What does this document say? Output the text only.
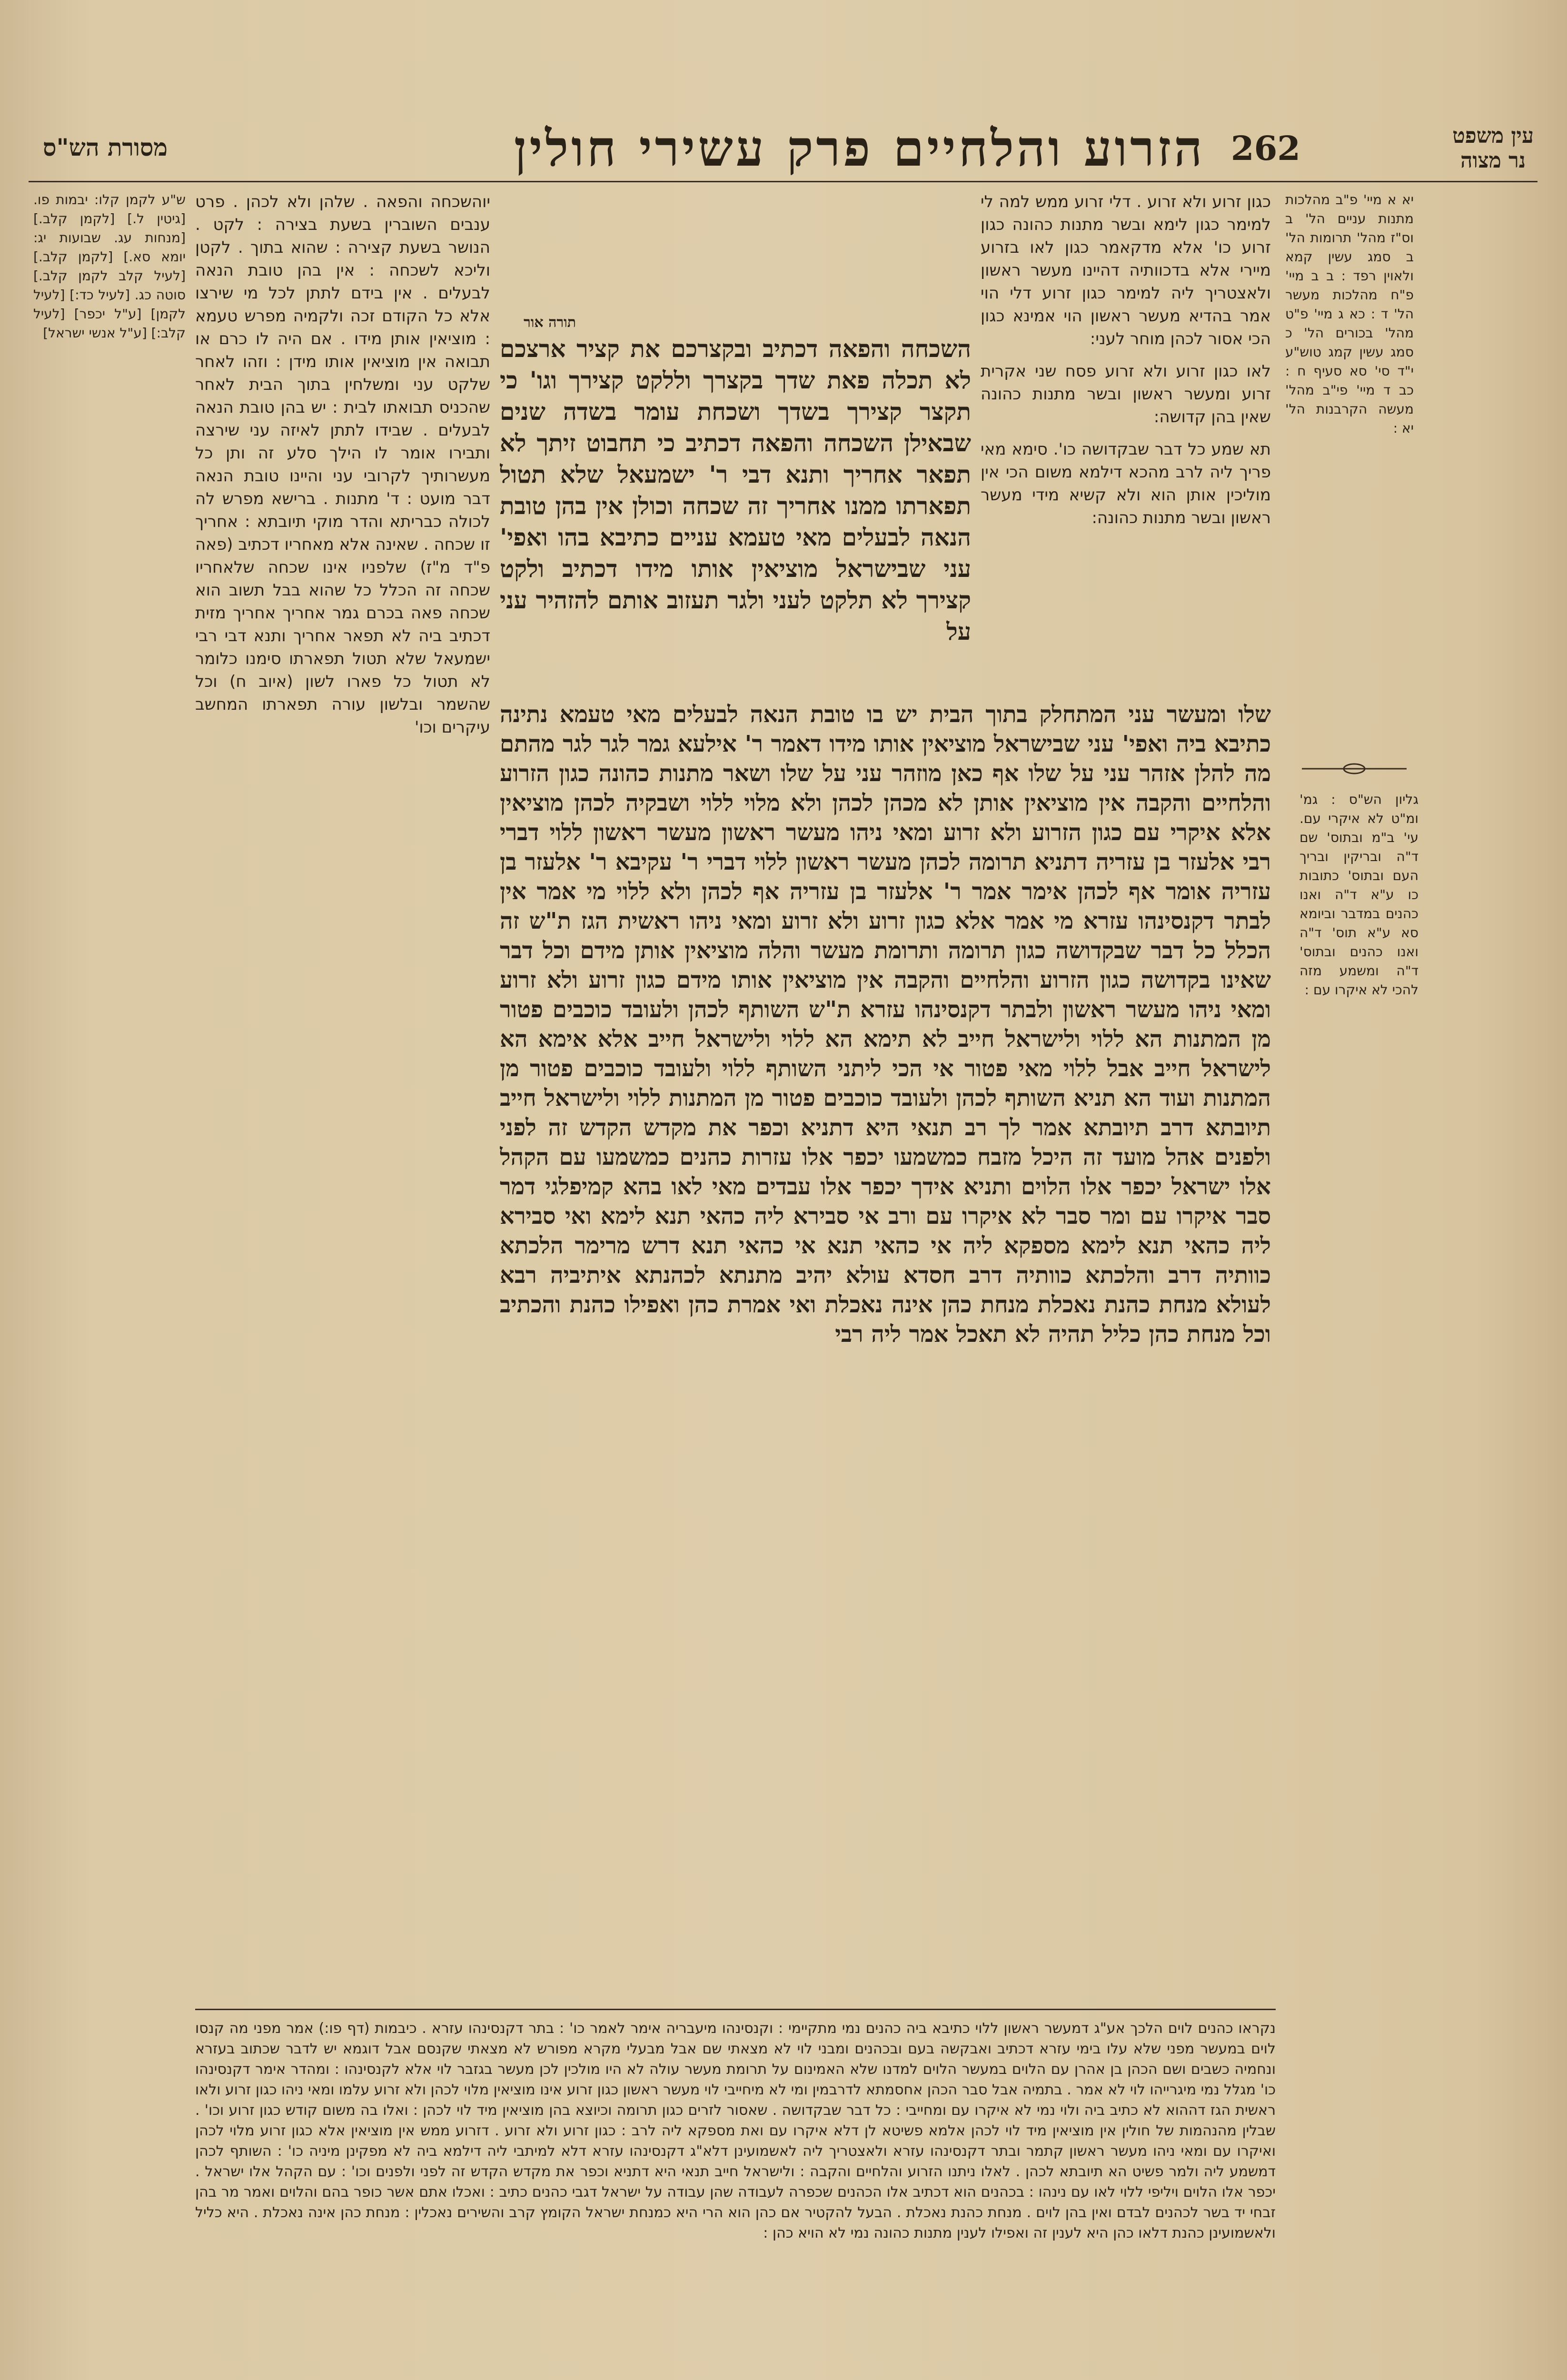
עין משפט
נר מצוה
262
הזרוע והלחיים פרק עשירי חולין
מסורת הש"ס
יא א מיי' פ"ב מהלכות מתנות עניים הל' ב וס"ז מהל' תרומות הל' ב סמג עשין קמא ולאוין רפד : ב ב מיי' פ"ח מהלכות מעשר הל' ד : כא ג מיי' פ"ט מהל' בכורים הל' כ סמג עשין קמג טוש"ע י"ד סי' סא סעיף ח : כב ד מיי' פי"ב מהל' מעשה הקרבנות הל' יא :
גליון הש"ס : גמ' ומ"ט לא איקרי עם. עי' ב"מ ובתוס' שם ד"ה ובריקין ובריך העם ובתוס' כתובות כו ע"א ד"ה ואנו כהנים במדבר וביומא סא ע"א תוס' ד"ה ואנו כהנים ובתוס' ד"ה ומשמע מזה להכי לא איקרו עם :

כגון זרוע ולא זרוע . דלי זרוע ממש למה לי למימר כגון לימא ובשר מתנות כהונה כגון זרוע כו' אלא מדקאמר כגון לאו בזרוע מיירי אלא בדכוותיה דהיינו מעשר ראשון ולאצטריך ליה למימר כגון זרוע דלי הוי אמר בהדיא מעשר ראשון הוי אמינא כגון הכי אסור לכהן מוחר לעני:

לאו כגון זרוע ולא זרוע פסח שני אקרית זרוע ומעשר ראשון ובשר מתנות כהונה שאין בהן קדושה:

תא שמע כל דבר שבקדושה כו'. סימא מאי פריך ליה לרב מהכא דילמא משום הכי אין מוליכין אותן הוא ולא קשיא מידי מעשר ראשון ובשר מתנות כהונה:

השכחה והפאה דכתיב ובקצרכם את קציר ארצכם לא תכלה פאת שדך בקצרך וללקט קצירך וגו' כי תקצר קצירך בשדך ושכחת עומר בשדה שנים שבאילן השכחה והפאה דכתיב כי תחבוט זיתך לא תפאר אחריך ותנא דבי ר' ישמעאל שלא תטול תפארתו ממנו אחריך זה שכחה וכולן אין בהן טובת הנאה לבעלים מאי טעמא עניים כתיבא בהו ואפי' עני שבישראל מוציאין אותו מידו דכתיב ולקט קצירך לא תלקט לעני ולגר תעזוב אותם להזהיר עני על
יוהשכחה והפאה . שלהן ולא לכהן . פרט ענבים השוברין בשעת בצירה : לקט . הנושר בשעת קצירה : שהוא בתוך . לקטן וליכא לשכחה : אין בהן טובת הנאה לבעלים . אין בידם לתתן לכל מי שירצו אלא כל הקודם זכה ולקמיה מפרש טעמא : מוציאין אותן מידו . אם היה לו כרם או תבואה אין מוציאין אותו מידן : וזהו לאחר שלקט עני ומשלחין בתוך הבית לאחר שהכניס תבואתו לבית : יש בהן טובת הנאה לבעלים . שבידו לתתן לאיזה עני שירצה ותבירו אומר לו הילך סלע זה ותן כל מעשרותיך לקרובי עני והיינו טובת הנאה דבר מועט : ד' מתנות . ברישא מפרש לה לכולה כבריתא והדר מוקי תיובתא : אחריך זו שכחה . שאינה אלא מאחריו דכתיב (פאה פ"ד מ"ז) שלפניו אינו שכחה שלאחריו שכחה זה הכלל כל שהוא בבל תשוב הוא שכחה פאה בכרם גמר אחריך אחריך מזית דכתיב ביה לא תפאר אחריך ותנא דבי רבי ישמעאל שלא תטול תפארתו סימנו כלומר לא תטול כל פארו לשון (איוב ח) וכל שהשמר ובלשון עורה תפארתו המחשב עיקרים וכו'
תורה אור
שלו ומעשר עני המתחלק בתוך הבית יש בו טובת הנאה לבעלים מאי טעמא נתינה כתיבא ביה ואפי' עני שבישראל מוציאין אותו מידו דאמר ר' אילעא גמר לגר לגר מהתם מה להלן אזהר עני על שלו אף כאן מוזהר עני על שלו ושאר מתנות כהונה כגון הזרוע והלחיים והקבה אין מוציאין אותן לא מכהן לכהן ולא מלוי ללוי ושבקיה לכהן מוציאין אלא איקרי עם כגון הזרוע ולא זרוע ומאי ניהו מעשר ראשון מעשר ראשון ללוי דברי רבי אלעזר בן עזריה דתניא תרומה לכהן מעשר ראשון ללוי דברי ר' עקיבא ר' אלעזר בן עזריה אומר אף לכהן אימר אמר ר' אלעזר בן עזריה אף לכהן ולא ללוי מי אמר אין לבתר דקנסינהו עזרא מי אמר אלא כגון זרוע ולא זרוע ומאי ניהו ראשית הגז ת"ש זה הכלל כל דבר שבקדושה כגון תרומה ותרומת מעשר והלה מוציאין אותן מידם וכל דבר שאינו בקדושה כגון הזרוע והלחיים והקבה אין מוציאין אותו מידם כגון זרוע ולא זרוע ומאי ניהו מעשר ראשון ולבתר דקנסינהו עזרא ת"ש השותף לכהן ולעובד כוכבים פטור מן המתנות הא ללוי ולישראל חייב לא תימא הא ללוי ולישראל חייב אלא אימא הא לישראל חייב אבל ללוי מאי פטור אי הכי ליתני השותף ללוי ולעובד כוכבים פטור מן המתנות ועוד הא תניא השותף לכהן ולעובד כוכבים פטור מן המתנות ללוי ולישראל חייב תיובתא דרב תיובתא אמר לך רב תנאי היא דתניא וכפר את מקדש הקדש זה לפני ולפנים אהל מועד זה היכל מזבח כמשמעו יכפר אלו עזרות כהנים כמשמעו עם הקהל אלו ישראל יכפר אלו הלוים ותניא אידך יכפר אלו עבדים מאי לאו בהא קמיפלגי דמר סבר איקרו עם ומר סבר לא איקרו עם ורב אי סבירא ליה כהאי תנא לימא ואי סבירא ליה כהאי תנא לימא מספקא ליה אי כהאי תנא אי כהאי תנא דרש מרימר הלכתא כוותיה דרב והלכתא כוותיה דרב חסדא עולא יהיב מתנתא לכהנתא איתיביה רבא לעולא מנחת כהנת נאכלת מנחת כהן אינה נאכלת ואי אמרת כהן ואפילו כהנת והכתיב וכל מנחת כהן כליל תהיה לא תאכל אמר ליה רבי
ש"ע לקמן קלו: יבמות פו. [גיטין ל.] [לקמן קלב.] [מנחות עג. שבועות יג: יומא סא.] [לקמן קלב.] [לעיל קלב לקמן קלב.] סוטה כג. [לעיל כד:] [לעיל לקמן] [ע"ל יכפר] [לעיל קלב:] [ע"ל אנשי ישראל]
נקראו כהנים לוים הלכך אע"ג דמעשר ראשון ללוי כתיבא ביה כהנים נמי מתקיימי : וקנסינהו מיעבריה אימר לאמר כו' : בתר דקנסינהו עזרא . כיבמות (דף פו:) אמר מפני מה קנסו לוים במעשר מפני שלא עלו בימי עזרא דכתיב ואבקשה בעם ובכהנים ומבני לוי לא מצאתי שם אבל מבעלי מקרא מפורש לא מצאתי שקנסם אבל דוגמא יש לדבר שכתוב בעזרא ונחמיה כשבים ושם הכהן בן אהרן עם הלוים במעשר הלוים למדנו שלא האמינום על תרומת מעשר עולה לא היו מולכין לכן מעשר בגזבר לוי אלא לקנסינהו : ומהדר אימר דקנסינהו כו' מגלל נמי מיגרייהו לוי לא אמר . בתמיה אבל סבר הכהן אחסמתא לדרבמין ומי לא מיחייבי לוי מעשר ראשון כגון זרוע אינו מוציאין מלוי לכהן ולא זרוע עלמו ומאי ניהו כגון זרוע ולאו ראשית הגז דההוא לא כתיב ביה ולוי נמי לא איקרו עם ומחייבי : כל דבר שבקדושה . שאסור לזרים כגון תרומה וכיוצא בהן מוציאין מיד לוי לכהן : ואלו בה משום קודש כגון זרוע וכו' . שבלין מהנהמות של חולין אין מוציאין מיד לוי לכהן אלמא פשיטא לן דלא איקרו עם ואת מספקא ליה לרב : כגון זרוע ולא זרוע . דזרוע ממש אין מוציאין אלא כגון זרוע מלוי לכהן ואיקרו עם ומאי ניהו מעשר ראשון קתמר ובתר דקנסינהו עזרא ולאצטריך ליה לאשמועינן דלא"ג דקנסינהו עזרא דלא למיתבי ליה דילמא ביה לא מפקינן מיניה כו' : השותף לכהן דמשמע ליה ולמר פשיט הא תיובתא לכהן . לאלו ניתנו הזרוע והלחיים והקבה : ולישראל חייב תנאי היא דתניא וכפר את מקדש הקדש זה לפני ולפנים וכו' : עם הקהל אלו ישראל . יכפר אלו הלוים ויליפי ללוי לאו עם נינהו : בכהנים הוא דכתיב אלו הכהנים שכפרה לעבודה שהן עבודה על ישראל דגבי כהנים כתיב : ואכלו אתם אשר כופר בהם והלוים ואמר מר בהן זבחי יד בשר לכהנים לבדם ואין בהן לוים . מנחת כהנת נאכלת . הבעל להקטיר אם כהן הוא הרי היא כמנחת ישראל הקומץ קרב והשירים נאכלין : מנחת כהן אינה נאכלת . היא כליל ולאשמועינן כהנת דלאו כהן היא לענין זה ואפילו לענין מתנות כהונה נמי לא הויא כהן :
